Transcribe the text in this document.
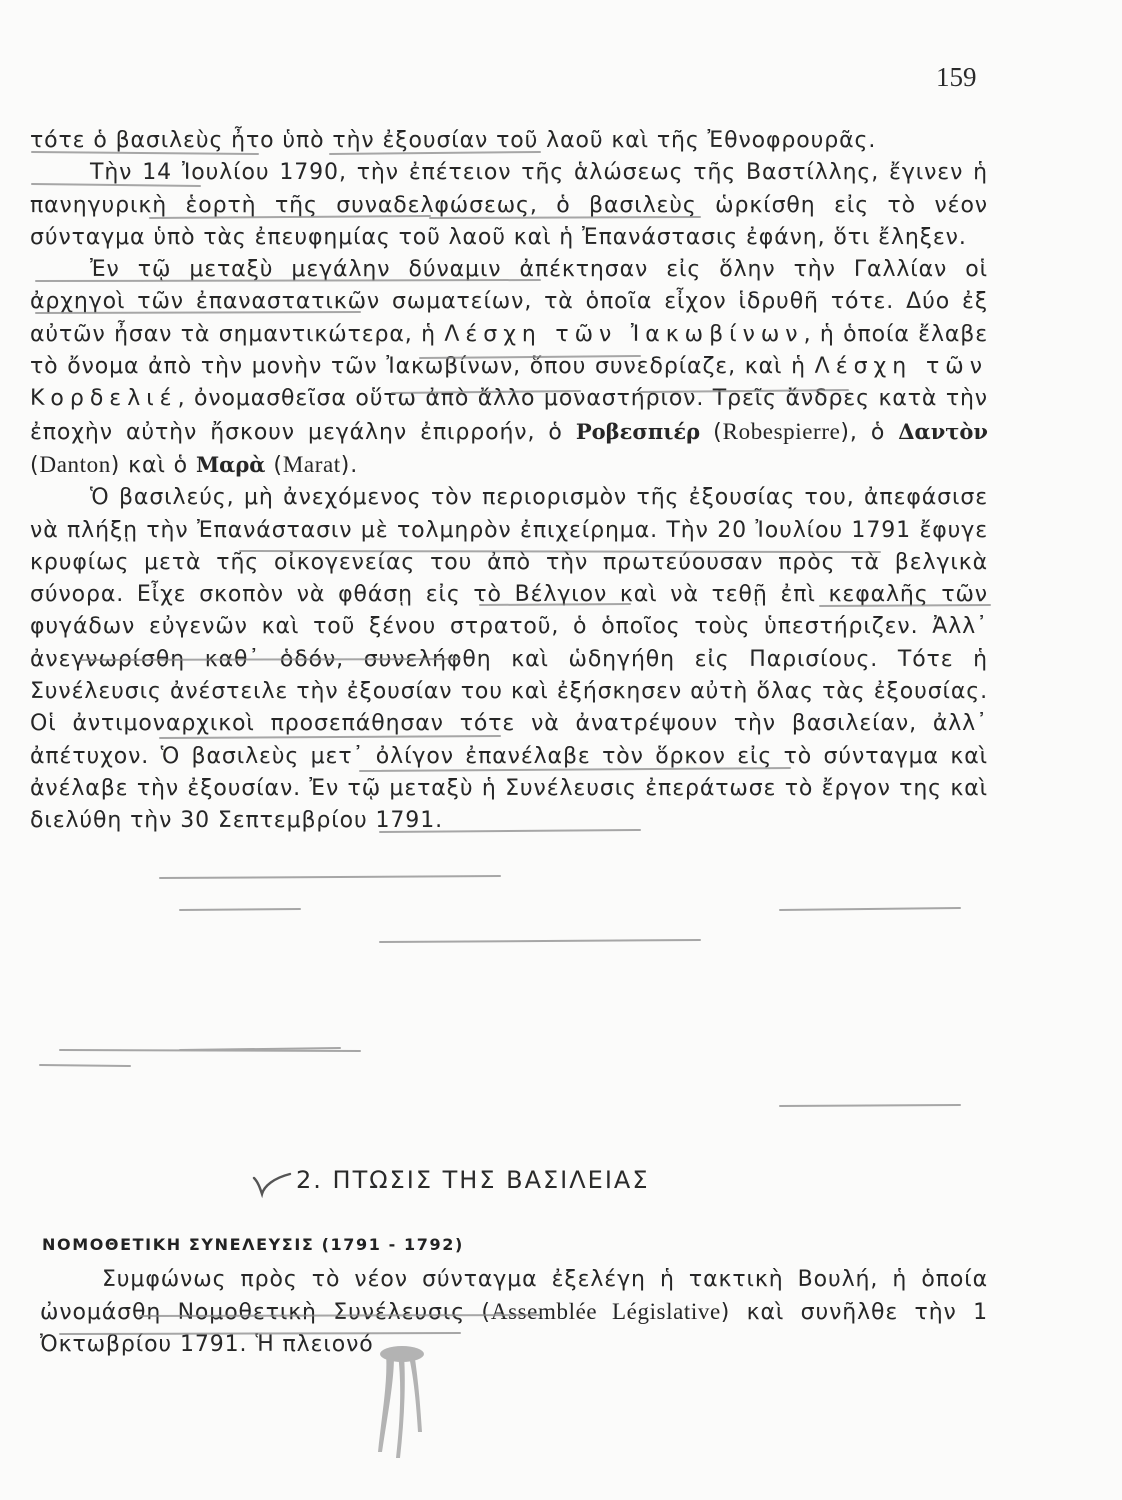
159

τότε ὁ βασιλεὺς ἦτο ὑπὸ τὴν ἐξουσίαν τοῦ λαοῦ καὶ τῆς Ἐθνοφρουρᾶς.

Τὴν 14 Ἰουλίου 1790, τὴν ἐπέτειον τῆς ἁλώσεως τῆς Βαστίλλης, ἔγινεν ἡ πανηγυρικὴ ἑορτὴ τῆς συναδελφώσεως, ὁ βασιλεὺς ὡρκίσθη εἰς τὸ νέον σύνταγμα ὑπὸ τὰς ἐπευφημίας τοῦ λαοῦ καὶ ἡ Ἐπανάστασις ἐφάνη, ὅτι ἔληξεν.

Ἐν τῷ μεταξὺ μεγάλην δύναμιν ἀπέκτησαν εἰς ὅλην τὴν Γαλλίαν οἱ ἀρχηγοὶ τῶν ἐπαναστατικῶν σωματείων, τὰ ὁποῖα εἶχον ἱδρυθῆ τότε. Δύο ἐξ αὐτῶν ἦσαν τὰ σημαντικώτερα, ἡ Λέσχη τῶν Ἰακωβίνων, ἡ ὁποία ἔλαβε τὸ ὄνομα ἀπὸ τὴν μονὴν τῶν Ἰακωβίνων, ὅπου συνεδρίαζε, καὶ ἡ Λέσχη τῶν Κορδελιέ, ὀνομασθεῖσα οὕτω ἀπὸ ἄλλο μοναστήριον. Τρεῖς ἄνδρες κατὰ τὴν ἐποχὴν αὐτὴν ἤσκουν μεγάλην ἐπιρροήν, ὁ Ροβεσπιέρ (Robespierre), ὁ Δαντὸν (Danton) καὶ ὁ Μαρὰ (Marat).

Ὁ βασιλεύς, μὴ ἀνεχόμενος τὸν περιορισμὸν τῆς ἐξουσίας του, ἀπεφάσισε νὰ πλήξῃ τὴν Ἐπανάστασιν μὲ τολμηρὸν ἐπιχείρημα. Τὴν 20 Ἰουλίου 1791 ἔφυγε κρυφίως μετὰ τῆς οἰκογενείας του ἀπὸ τὴν πρωτεύουσαν πρὸς τὰ βελγικὰ σύνορα. Εἶχε σκοπὸν νὰ φθάσῃ εἰς τὸ Βέλγιον καὶ νὰ τεθῇ ἐπὶ κεφαλῆς τῶν φυγάδων εὐγενῶν καὶ τοῦ ξένου στρατοῦ, ὁ ὁποῖος τοὺς ὑπεστήριζεν. Ἀλλ᾽ ἀνεγνωρίσθη καθ᾽ ὁδόν, συνελήφθη καὶ ὡδηγήθη εἰς Παρισίους. Τότε ἡ Συνέλευσις ἀνέστειλε τὴν ἐξουσίαν του καὶ ἐξήσκησεν αὐτὴ ὅλας τὰς ἐξουσίας. Οἱ ἀντιμοναρχικοὶ προσεπάθησαν τότε νὰ ἀνατρέψουν τὴν βασιλείαν, ἀλλ᾽ ἀπέτυχον. Ὁ βασιλεὺς μετ᾽ ὀλίγον ἐπανέλαβε τὸν ὅρκον εἰς τὸ σύνταγμα καὶ ἀνέλαβε τὴν ἐξουσίαν. Ἐν τῷ μεταξὺ ἡ Συνέλευσις ἐπεράτωσε τὸ ἔργον της καὶ διελύθη τὴν 30 Σεπτεμβρίου 1791.

2. ΠΤΩΣΙΣ ΤΗΣ ΒΑΣΙΛΕΙΑΣ
ΝΟΜΟΘΕΤΙΚΗ ΣΥΝΕΛΕΥΣΙΣ (1791 - 1792)

Συμφώνως πρὸς τὸ νέον σύνταγμα ἐξελέγη ἡ τακτικὴ Βουλή, ἡ ὁποία ὠνομάσθη Νομοθετικὴ Συνέλευσις (Assemblée Législative) καὶ συνῆλθε τὴν 1 Ὀκτωβρίου 1791. Ἡ πλειονό
